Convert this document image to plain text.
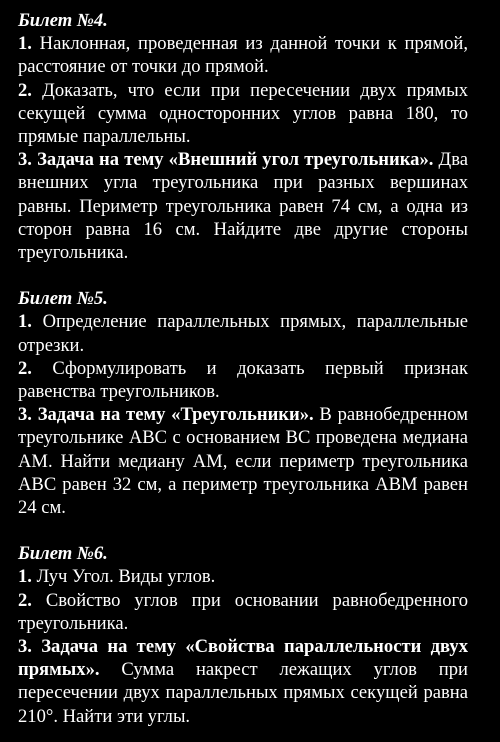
Билет №4.

1. Наклонная, проведенная из данной точки к прямой, расстояние от точки до прямой.

2. Доказать, что если при пересечении двух прямых секущей сумма односторонних углов равна 180, то прямые параллельны.

3. Задача на тему «Внешний угол треугольника». Два внешних угла треугольника при разных вершинах равны. Периметр треугольника равен 74 см, а одна из сторон равна 16 см. Найдите две другие стороны треугольника.

Билет №5.

1. Определение параллельных прямых, параллельные отрезки.

2. Сформулировать и доказать первый признак равенства треугольников.

3. Задача на тему «Треугольники». В равнобедренном треугольнике ABC с основанием BC проведена медиана AM. Найти медиану AM, если периметр треугольника ABC равен 32 см, а периметр треугольника ABM равен 24 см.

Билет №6.

1. Луч Угол. Виды углов.

2. Свойство углов при основании равнобедренного треугольника.

3. Задача на тему «Свойства параллельности двух прямых». Сумма накрест лежащих углов при пересечении двух параллельных прямых секущей равна 210°. Найти эти углы.
